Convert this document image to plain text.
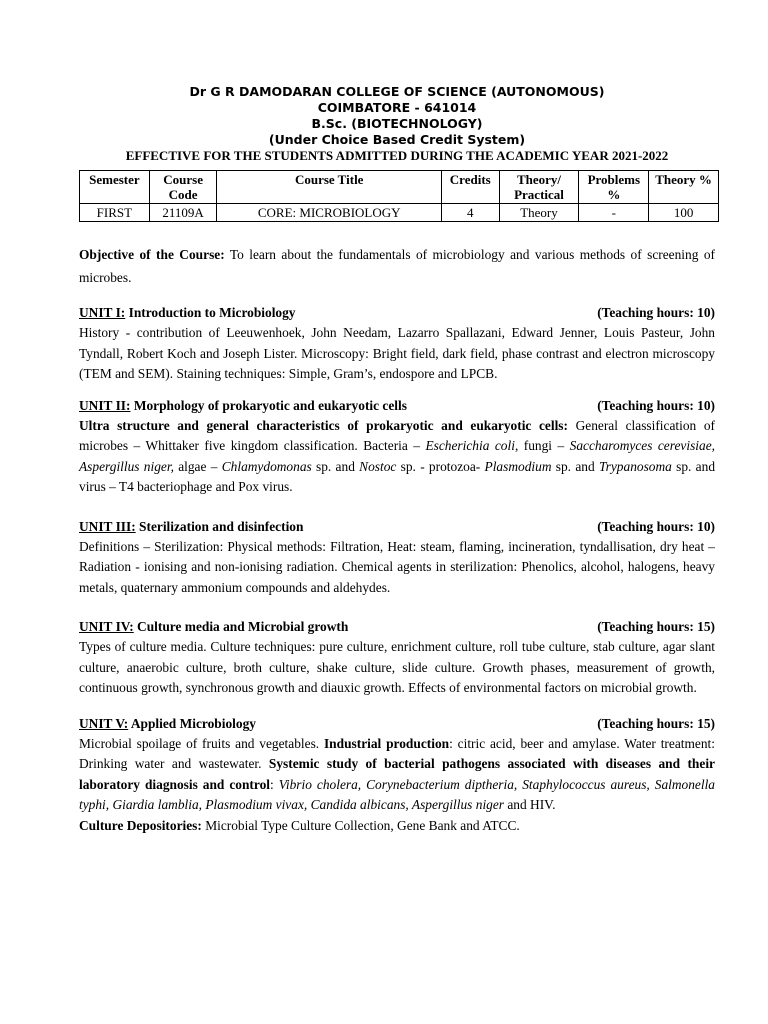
Dr G R DAMODARAN COLLEGE OF SCIENCE (AUTONOMOUS)
COIMBATORE - 641014
B.Sc. (BIOTECHNOLOGY)
(Under Choice Based Credit System)
EFFECTIVE FOR THE STUDENTS ADMITTED DURING THE ACADEMIC YEAR 2021-2022
Semester	Course Code	Course Title	Credits	Theory/ Practical	Problems %	Theory %
FIRST	21109A	CORE: MICROBIOLOGY	4	Theory	-	100

Objective of the Course: To learn about the fundamentals of microbiology and various methods of screening of microbes.

UNIT I: Introduction to Microbiology	(Teaching hours: 10)

History - contribution of Leeuwenhoek, John Needam, Lazarro Spallazani, Edward Jenner, Louis Pasteur, John Tyndall, Robert Koch and Joseph Lister. Microscopy: Bright field, dark field, phase contrast and electron microscopy (TEM and SEM). Staining techniques: Simple, Gram’s, endospore and LPCB.

UNIT II: Morphology of prokaryotic and eukaryotic cells	(Teaching hours: 10)

Ultra structure and general characteristics of prokaryotic and eukaryotic cells: General classification of microbes – Whittaker five kingdom classification. Bacteria – Escherichia coli, fungi – Saccharomyces cerevisiae, Aspergillus niger, algae – Chlamydomonas sp. and Nostoc sp. - protozoa- Plasmodium sp. and Trypanosoma sp. and virus – T4 bacteriophage and Pox virus.

UNIT III: Sterilization and disinfection	(Teaching hours: 10)

Definitions – Sterilization: Physical methods: Filtration, Heat: steam, flaming, incineration, tyndallisation, dry heat – Radiation - ionising and non-ionising radiation. Chemical agents in sterilization: Phenolics, alcohol, halogens, heavy metals, quaternary ammonium compounds and aldehydes.

UNIT IV: Culture media and Microbial growth	(Teaching hours: 15)

Types of culture media. Culture techniques: pure culture, enrichment culture, roll tube culture, stab culture, agar slant culture, anaerobic culture, broth culture, shake culture, slide culture. Growth phases, measurement of growth, continuous growth, synchronous growth and diauxic growth. Effects of environmental factors on microbial growth.

UNIT V: Applied Microbiology	(Teaching hours: 15)

Microbial spoilage of fruits and vegetables. Industrial production: citric acid, beer and amylase. Water treatment: Drinking water and wastewater. Systemic study of bacterial pathogens associated with diseases and their laboratory diagnosis and control: Vibrio cholera, Corynebacterium diptheria, Staphylococcus aureus, Salmonella typhi, Giardia lamblia, Plasmodium vivax, Candida albicans, Aspergillus niger and HIV.
Culture Depositories: Microbial Type Culture Collection, Gene Bank and ATCC.
